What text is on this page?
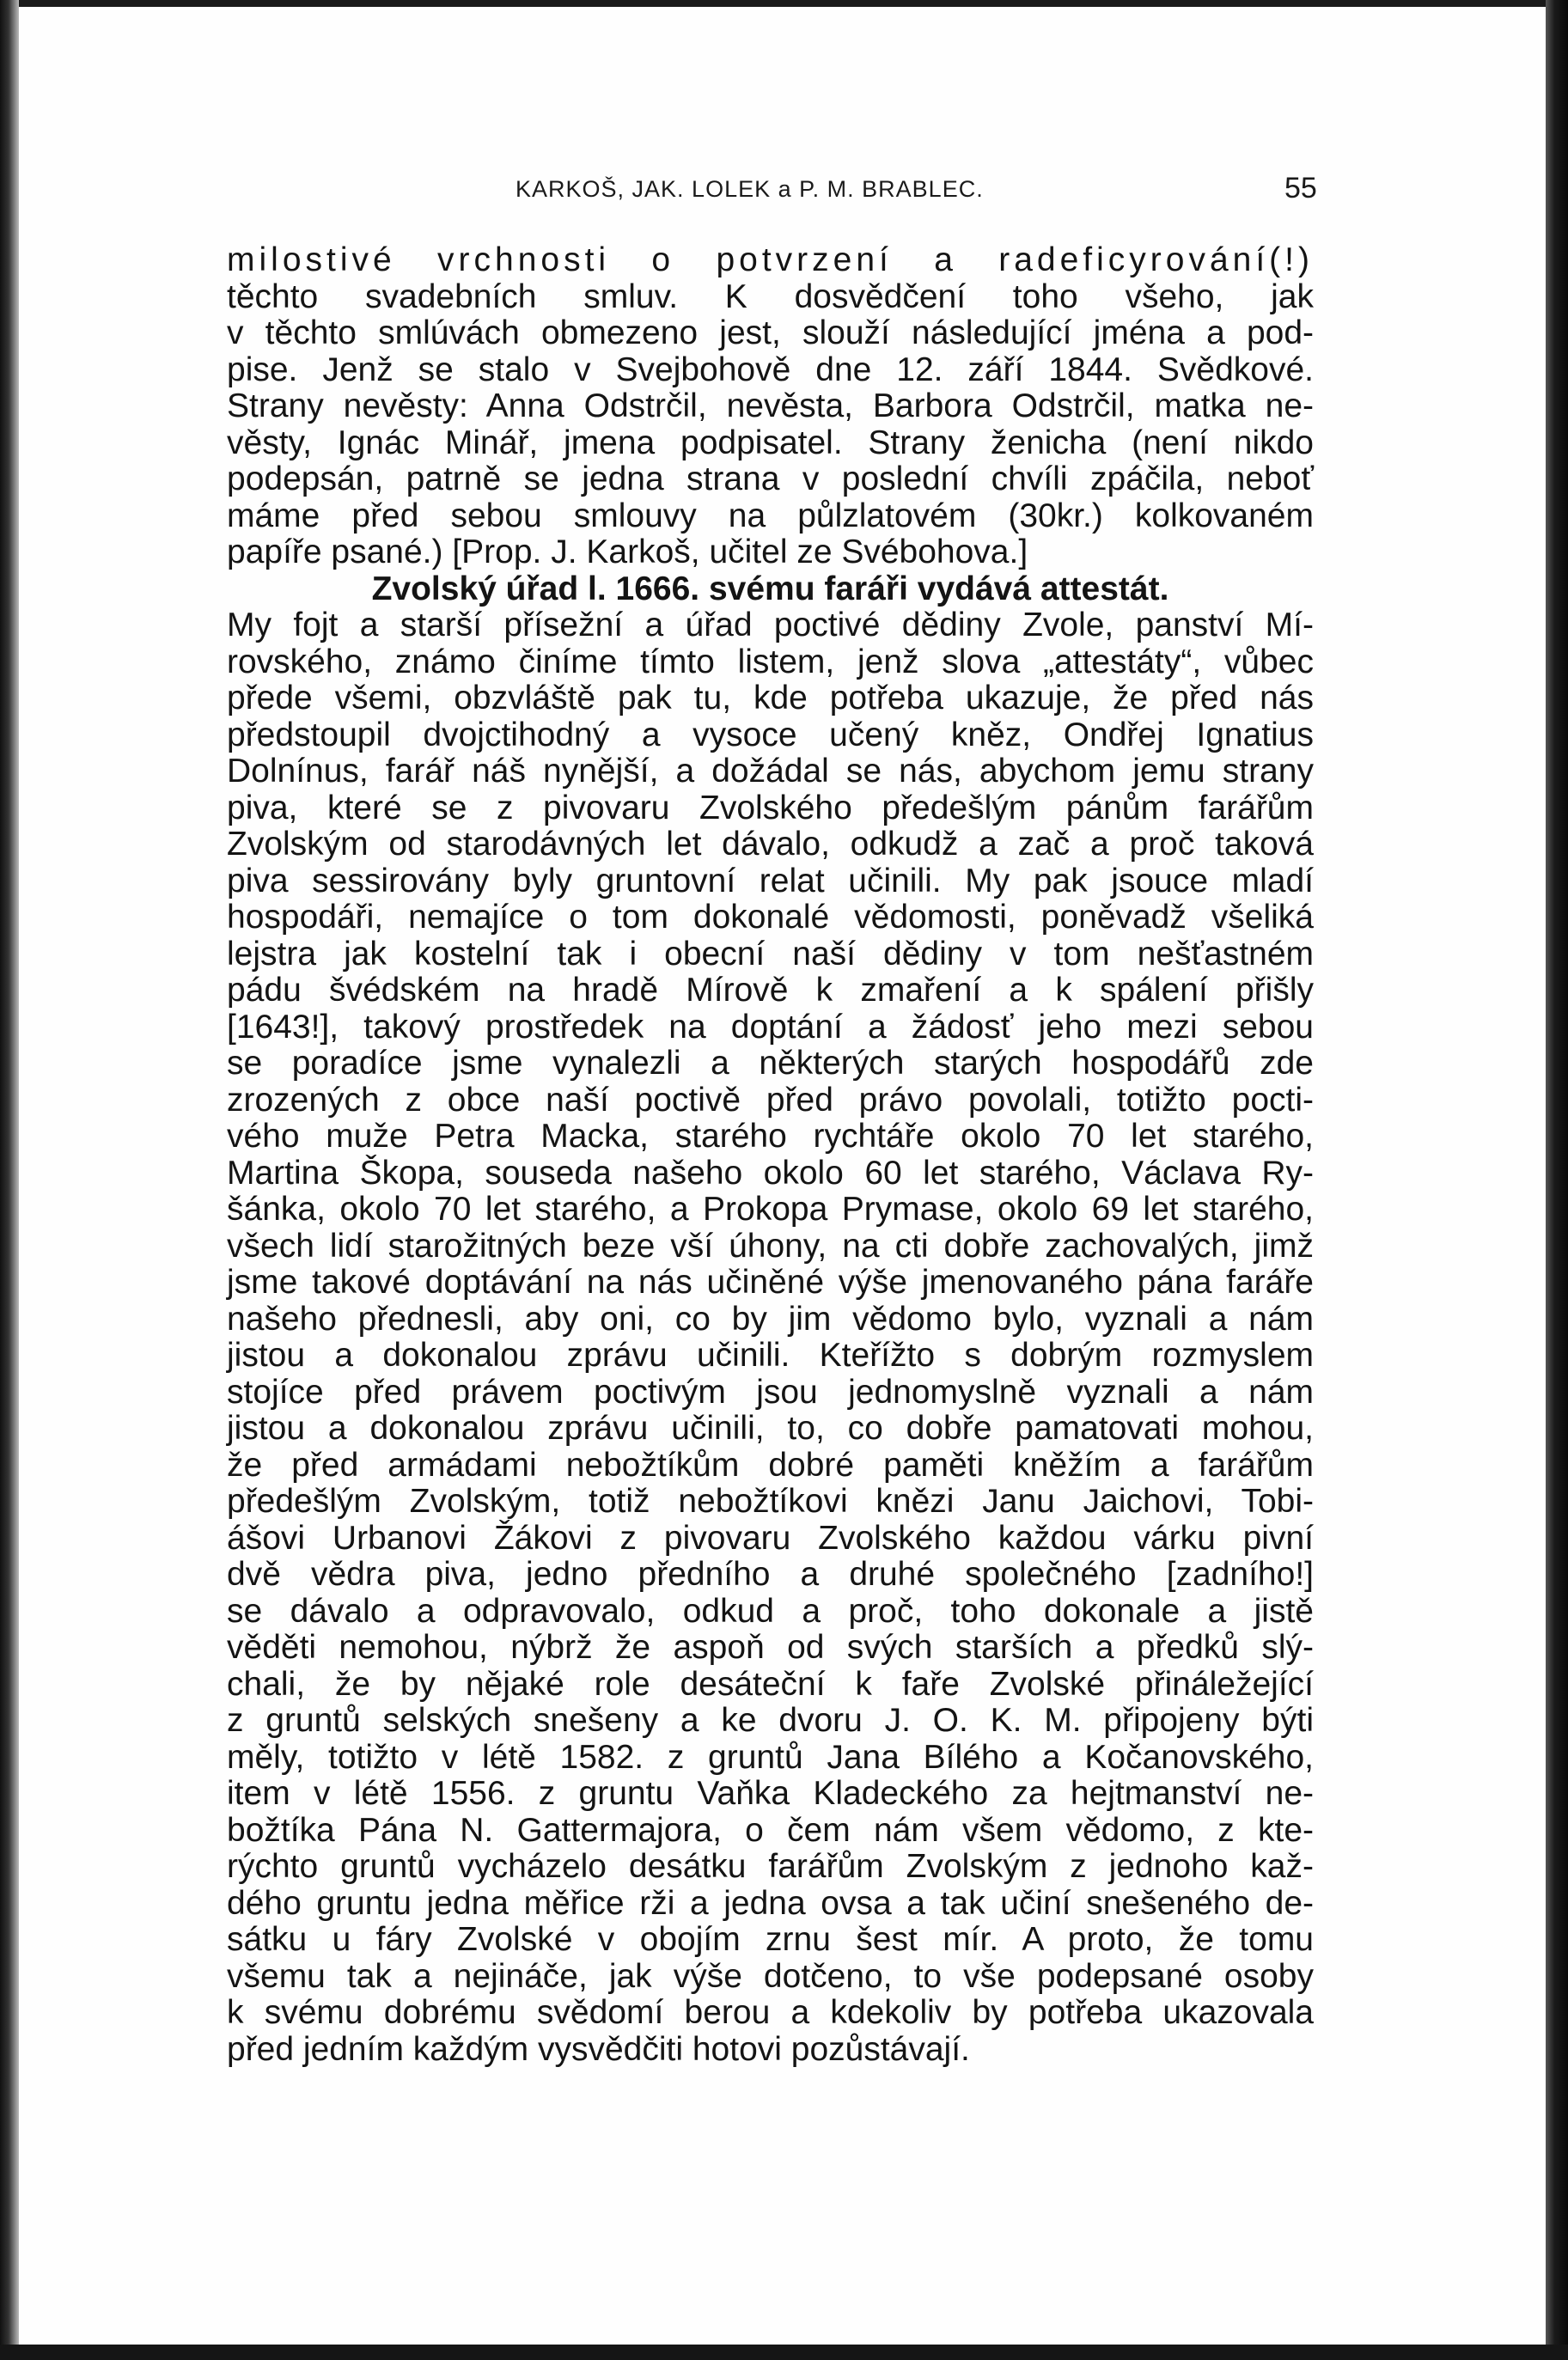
KARKOŠ, JAK. LOLEK a P. M. BRABLEC.	55
milostivé vrchnosti o potvrzení a radeficyrování(!)
těchto svadebních smluv. K dosvědčení toho všeho, jak
v těchto smlúvách obmezeno jest, slouží následující jména a pod-
pise. Jenž se stalo v Svejbohově dne 12. září 1844. Svědkové.
Strany nevěsty: Anna Odstrčil, nevěsta, Barbora Odstrčil, matka ne-
věsty, Ignác Minář, jmena podpisatel. Strany ženicha (není nikdo
podepsán, patrně se jedna strana v poslední chvíli zpáčila, neboť
máme před sebou smlouvy na půlzlatovém (30kr.) kolkovaném
papíře psané.) [Prop. J. Karkoš, učitel ze Svébohova.]
Zvolský úřad l. 1666. svému faráři vydává attestát.
My fojt a starší přísežní a úřad poctivé dědiny Zvole, panství Mí-
rovského, známo činíme tímto listem, jenž slova „attestáty“, vůbec
přede všemi, obzvláště pak tu, kde potřeba ukazuje, že před nás
předstoupil dvojctihodný a vysoce učený kněz, Ondřej Ignatius
Dolnínus, farář náš nynější, a dožádal se nás, abychom jemu strany
piva, které se z pivovaru Zvolského předešlým pánům farářům
Zvolským od starodávných let dávalo, odkudž a zač a proč taková
piva sessirovány byly gruntovní relat učinili. My pak jsouce mladí
hospodáři, nemajíce o tom dokonalé vědomosti, poněvadž všeliká
lejstra jak kostelní tak i obecní naší dědiny v tom nešťastném
pádu švédském na hradě Mírově k zmaření a k spálení přišly
[1643!], takový prostředek na doptání a žádosť jeho mezi sebou
se poradíce jsme vynalezli a některých starých hospodářů zde
zrozených z obce naší poctivě před právo povolali, totižto pocti-
vého muže Petra Macka, starého rychtáře okolo 70 let starého,
Martina Škopa, souseda našeho okolo 60 let starého, Václava Ry-
šánka, okolo 70 let starého, a Prokopa Prymase, okolo 69 let starého,
všech lidí starožitných beze vší úhony, na cti dobře zachovalých, jimž
jsme takové doptávání na nás učiněné výše jmenovaného pána faráře
našeho přednesli, aby oni, co by jim vědomo bylo, vyznali a nám
jistou a dokonalou zprávu učinili. Kteřížto s dobrým rozmyslem
stojíce před právem poctivým jsou jednomyslně vyznali a nám
jistou a dokonalou zprávu učinili, to, co dobře pamatovati mohou,
že před armádami nebožtíkům dobré paměti kněžím a farářům
předešlým Zvolským, totiž nebožtíkovi knězi Janu Jaichovi, Tobi-
ášovi Urbanovi Žákovi z pivovaru Zvolského každou várku pivní
dvě vědra piva, jedno předního a druhé společného [zadního!]
se dávalo a odpravovalo, odkud a proč, toho dokonale a jistě
věděti nemohou, nýbrž že aspoň od svých starších a předků slý-
chali, že by nějaké role desáteční k faře Zvolské přináležející
z gruntů selských snešeny a ke dvoru J. O. K. M. připojeny býti
měly, totižto v létě 1582. z gruntů Jana Bílého a Kočanovského,
item v létě 1556. z gruntu Vaňka Kladeckého za hejtmanství ne-
božtíka Pána N. Gattermajora, o čem nám všem vědomo, z kte-
rýchto gruntů vycházelo desátku farářům Zvolským z jednoho kaž-
dého gruntu jedna měřice rži a jedna ovsa a tak učiní snešeného de-
sátku u fáry Zvolské v obojím zrnu šest mír. A proto, že tomu
všemu tak a nejináče, jak výše dotčeno, to vše podepsané osoby
k svému dobrému svědomí berou a kdekoliv by potřeba ukazovala
před jedním každým vysvědčiti hotovi pozůstávají.
